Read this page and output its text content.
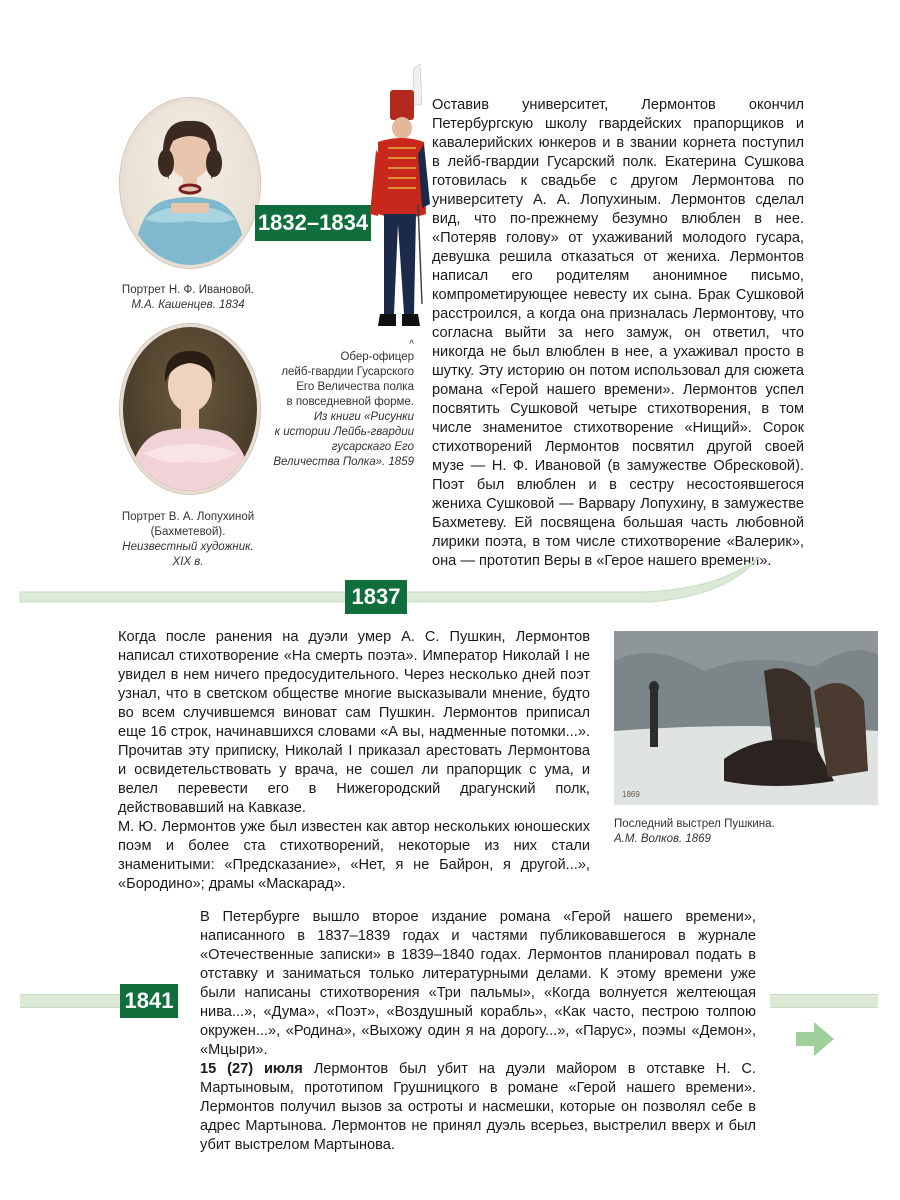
Портрет Н. Ф. Ивановой.
М.А. Кашенцев. 1834
1832–1834
^
Обер-офицер
лейб-гвардии Гусарского
Его Величества полка
в повседневной форме.
Из книги «Рисунки
к истории Лейбь-гвардии
гусарскаго Его
Величества Полка». 1859
Портрет В. А. Лопухиной
(Бахметевой).
Неизвестный художник.
XIX в.

Оставив университет, Лермонтов окончил Петербургскую школу гвардейских прапорщиков и кавалерийских юнкеров и в звании корнета поступил в лейб-гвардии Гусарский полк. Екатерина Сушкова готовилась к свадьбе с другом Лермонтова по университету А. А. Лопухиным. Лермонтов сделал вид, что по-прежнему безумно влюблен в нее. «Потеряв голову» от ухаживаний молодого гусара, девушка решила отказаться от жениха. Лермонтов написал его родителям анонимное письмо, компрометирующее невесту их сына. Брак Сушковой расстроился, а когда она призналась Лермонтову, что согласна выйти за него замуж, он ответил, что никогда не был влюблен в нее, а ухаживал просто в шутку. Эту историю он потом использовал для сюжета романа «Герой нашего времени». Лермонтов успел посвятить Сушковой четыре стихотворения, в том числе знаменитое стихотворение «Нищий». Сорок стихотворений Лермонтов посвятил другой своей музе — Н. Ф. Ивановой (в замужестве Обресковой). Поэт был влюблен и в сестру несостоявшегося жениха Сушковой — Варвару Лопухину, в замужестве Бахметеву. Ей посвящена большая часть любовной лирики поэта, в том числе стихотворение «Валерик», она — прототип Веры в «Герое нашего времени».

1837

Когда после ранения на дуэли умер А. С. Пушкин, Лермонтов написал стихотворение «На смерть поэта». Император Николай I не увидел в нем ничего предосудительного. Через несколько дней поэт узнал, что в светском обществе многие высказывали мнение, будто во всем случившемся виноват сам Пушкин. Лермонтов приписал еще 16 строк, начинавшихся словами «А вы, надменные потомки...». Прочитав эту приписку, Николай I приказал арестовать Лермонтова и освидетельствовать у врача, не сошел ли прапорщик с ума, и велел перевести его в Нижегородский драгунский полк, действовавший на Кавказе.

М. Ю. Лермонтов уже был известен как автор нескольких юношеских поэм и более ста стихотворений, некоторые из них стали знаменитыми: «Предсказание», «Нет, я не Байрон, я другой...», «Бородино»; драмы «Маскарад».

1869
Последний выстрел Пушкина.
А.М. Волков. 1869
1841

В Петербурге вышло второе издание романа «Герой нашего времени», написанного в 1837–1839 годах и частями публиковавшегося в журнале «Отечественные записки» в 1839–1840 годах. Лермонтов планировал подать в отставку и заниматься только литературными делами. К этому времени уже были написаны стихотворения «Три пальмы», «Когда волнуется желтеющая нива...», «Дума», «Поэт», «Воздушный корабль», «Как часто, пестрою толпою окружен...», «Родина», «Выхожу один я на дорогу...», «Парус», поэмы «Демон», «Мцыри».

15 (27) июля Лермонтов был убит на дуэли майором в отставке Н. С. Мартыновым, прототипом Грушницкого в романе «Герой нашего времени». Лермонтов получил вызов за остроты и насмешки, которые он позволял себе в адрес Мартынова. Лермонтов не принял дуэль всерьез, выстрелил вверх и был убит выстрелом Мартынова.
